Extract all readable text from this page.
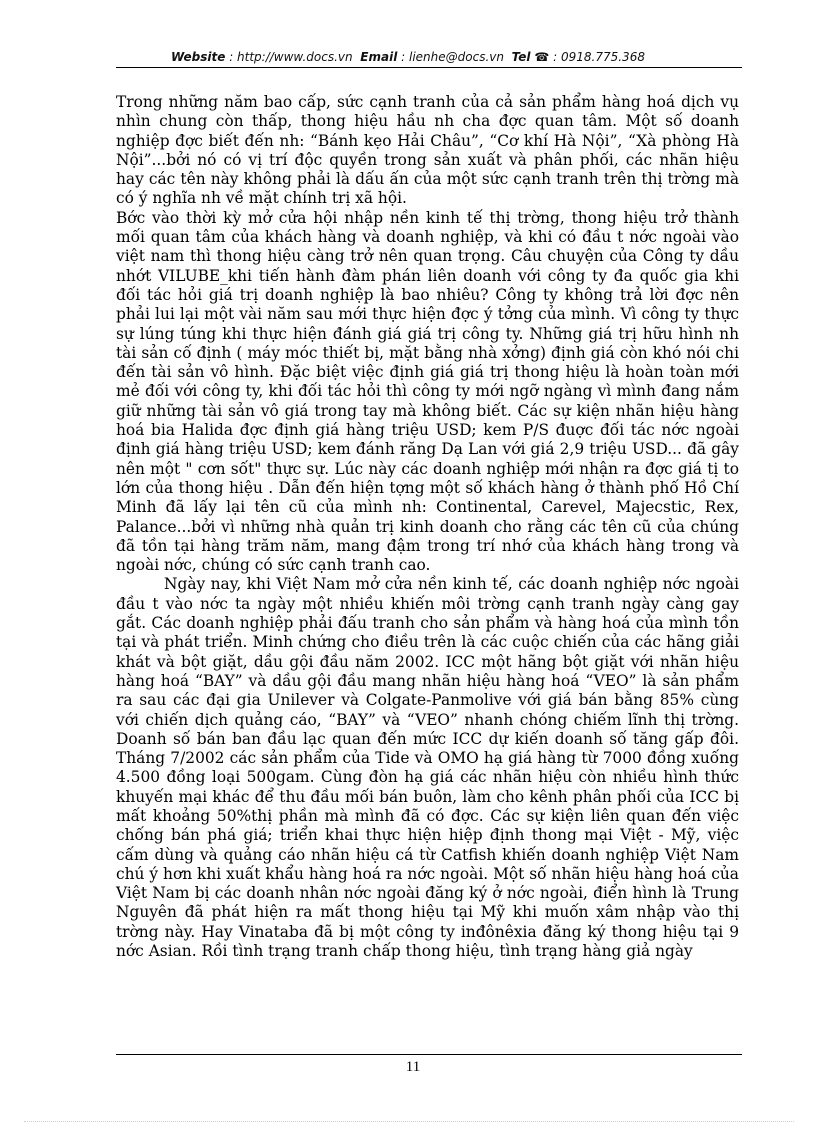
Website : http://www.docs.vn Email : lienhe@docs.vn Tel ☎ : 0918.775.368

Trong những năm bao cấp, sức cạnh tranh của cả sản phẩm hàng hoá dịch vụ nhìn chung còn thấp, thong hiệu hầu nh cha đợc quan tâm. Một số doanh nghiệp đợc biết đến nh: “Bánh kẹo Hải Châu”, “Cơ khí Hà Nội”, “Xà phòng Hà Nội”...bởi nó có vị trí độc quyền trong sản xuất và phân phối, các nhãn hiệu hay các tên này không phải là dấu ấn của một sức cạnh tranh trên thị trờng mà có ý nghĩa nh về mặt chính trị xã hội.

Bớc vào thời kỳ mở cửa hội nhập nền kinh tế thị trờng, thong hiệu trở thành mối quan tâm của khách hàng và doanh nghiệp, và khi có đầu t nớc ngoài vào việt nam thì thong hiệu càng trở nên quan trọng. Câu chuyện của Công ty dầu nhớt VILUBE_khi tiến hành đàm phán liên doanh với công ty đa quốc gia khi đối tác hỏi giá trị doanh nghiệp là bao nhiêu? Công ty không trả lời đợc nên phải lui lại một vài năm sau mới thực hiện đợc ý tởng của mình. Vì công ty thực sự lúng túng khi thực hiện đánh giá giá trị công ty. Những giá trị hữu hình nh tài sản cố định ( máy móc thiết bị, mặt bằng nhà xởng) định giá còn khó nói chi đến tài sản vô hình. Đặc biệt việc định giá giá trị thong hiệu là hoàn toàn mới mẻ đối với công ty, khi đối tác hỏi thì công ty mới ngỡ ngàng vì mình đang nắm giữ những tài sản vô giá trong tay mà không biết. Các sự kiện nhãn hiệu hàng hoá bia Halida đợc định giá hàng triệu USD; kem P/S đuợc đối tác nớc ngoài định giá hàng triệu USD; kem đánh răng Dạ Lan với giá 2,9 triệu USD... đã gây nên một " cơn sốt" thực sự. Lúc này các doanh nghiệp mới nhận ra đợc giá tị to lớn của thong hiệu . Dẫn đến hiện tợng một số khách hàng ở thành phố Hồ Chí Minh đã lấy lại tên cũ của mình nh: Continental, Carevel, Majecstic, Rex, Palance...bởi vì những nhà quản trị kinh doanh cho rằng các tên cũ của chúng đã tồn tại hàng trăm năm, mang đậm trong trí nhớ của khách hàng trong và ngoài nớc, chúng có sức cạnh tranh cao.

Ngày nay, khi Việt Nam mở cửa nền kinh tế, các doanh nghiệp nớc ngoài đầu t vào nớc ta ngày một nhiều khiến môi trờng cạnh tranh ngày càng gay gắt. Các doanh nghiệp phải đấu tranh cho sản phẩm và hàng hoá của mình tồn tại và phát triển. Minh chứng cho điều trên là các cuộc chiến của các hãng giải khát và bột giặt, dầu gội đầu năm 2002. ICC một hãng bột giặt với nhãn hiệu hàng hoá “BAY” và dầu gội đầu mang nhãn hiệu hàng hoá “VEO” là sản phẩm ra sau các đại gia Unilever và Colgate-Panmolive với giá bán bằng 85% cùng với chiến dịch quảng cáo, “BAY” và “VEO” nhanh chóng chiếm lĩnh thị trờng. Doanh số bán ban đầu lạc quan đến mức ICC dự kiến doanh số tăng gấp đôi. Tháng 7/2002 các sản phẩm của Tide và OMO hạ giá hàng từ 7000 đồng xuống 4.500 đồng loại 500gam. Cùng đòn hạ giá các nhãn hiệu còn nhiều hình thức khuyến mại khác để thu đầu mối bán buôn, làm cho kênh phân phối của ICC bị mất khoảng 50%thị phần mà mình đã có đợc. Các sự kiện liên quan đến việc chống bán phá giá; triển khai thực hiện hiệp định thong mại Việt - Mỹ, việc cấm dùng và quảng cáo nhãn hiệu cá từ Catfish khiến doanh nghiệp Việt Nam chú ý hơn khi xuất khẩu hàng hoá ra nớc ngoài. Một số nhãn hiệu hàng hoá của Việt Nam bị các doanh nhân nớc ngoài đăng ký ở nớc ngoài, điển hình là Trung Nguyên đã phát hiện ra mất thong hiệu tại Mỹ khi muốn xâm nhập vào thị trờng này. Hay Vinataba đã bị một công ty inđônêxia đăng ký thong hiệu tại 9 nớc Asian. Rồi tình trạng tranh chấp thong hiệu, tình trạng hàng giả ngày

11
